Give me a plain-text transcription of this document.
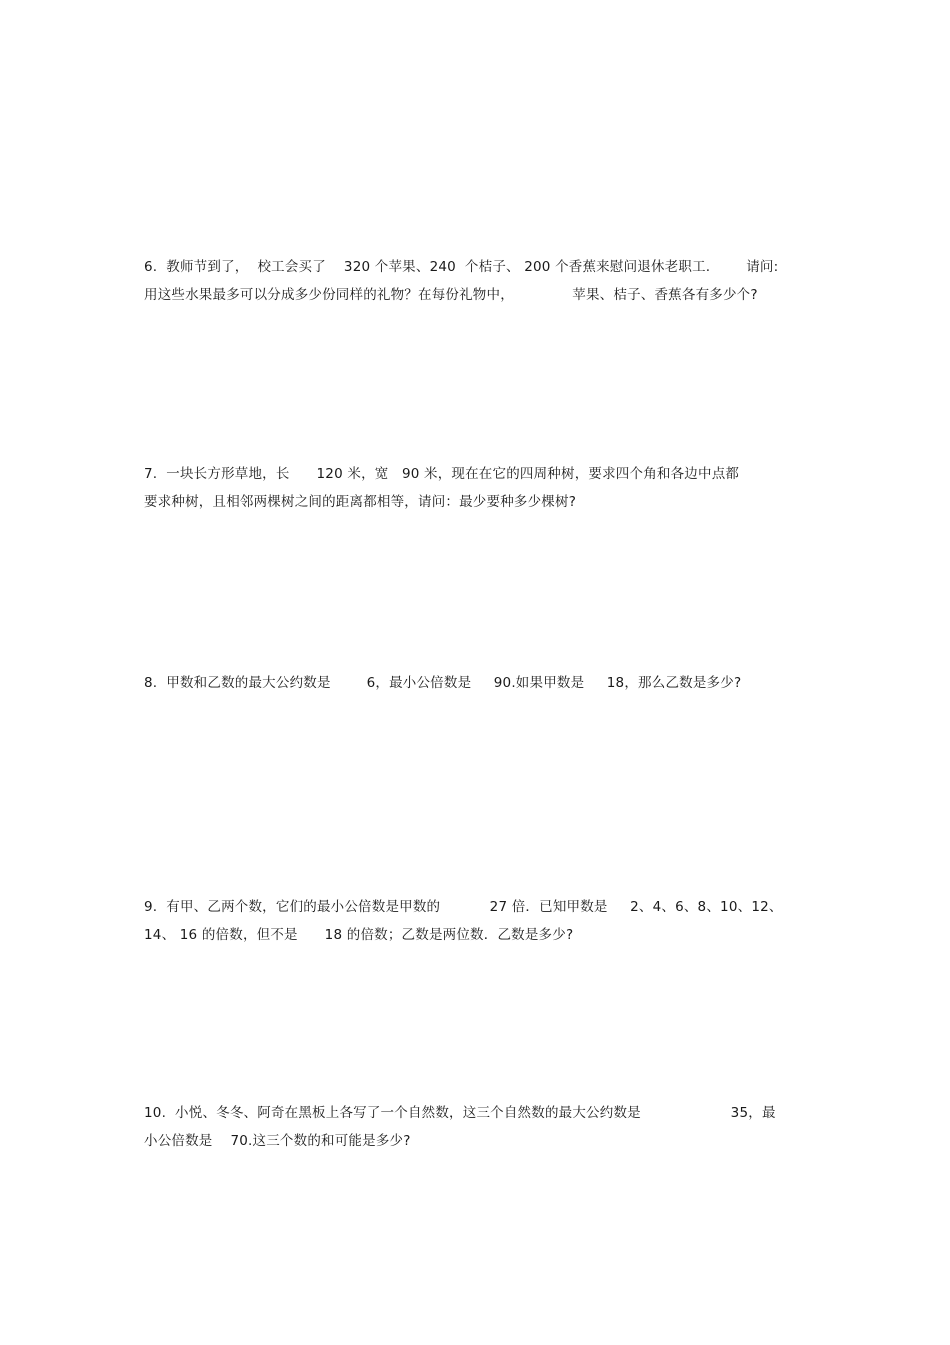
6.  教师节到了，  校工会买了    320 个苹果、240  个桔子、 200 个香蕉来慰问退休老职工.        请问:
用这些水果最多可以分成多少份同样的礼物？在每份礼物中，             苹果、桔子、香蕉各有多少个?
7.  一块长方形草地，长      120 米，宽   90 米，现在在它的四周种树，要求四个角和各边中点都
要求种树，且相邻两棵树之间的距离都相等，请问：最少要种多少棵树?
8.  甲数和乙数的最大公约数是        6，最小公倍数是     90.如果甲数是     18，那么乙数是多少?
9.  有甲、乙两个数，它们的最小公倍数是甲数的           27 倍．已知甲数是     2、4、6、8、10、12、
14、 16 的倍数，但不是      18 的倍数；乙数是两位数．乙数是多少?
10.  小悦、冬冬、阿奇在黑板上各写了一个自然数，这三个自然数的最大公约数是                    35，最
小公倍数是    70.这三个数的和可能是多少?
